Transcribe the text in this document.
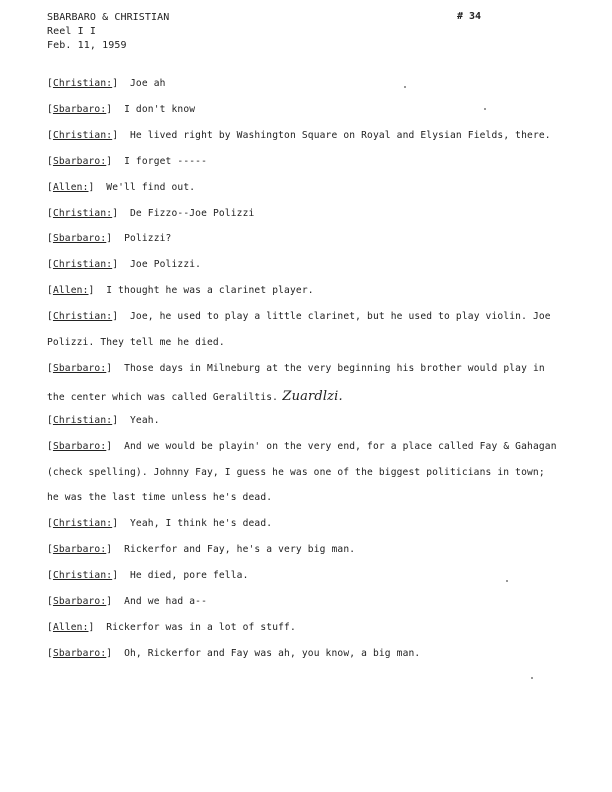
SBARBARO & CHRISTIAN
Reel I I
Feb. 11, 1959
# 34
[Christian:]  Joe ah
[Sbarbaro:]  I don't know
[Christian:]  He lived right by Washington Square on Royal and Elysian Fields, there.
[Sbarbaro:]  I forget -----
[Allen:]  We'll find out.
[Christian:]  De Fizzo--Joe Polizzi
[Sbarbaro:]  Polizzi?
[Christian:]  Joe Polizzi.
[Allen:]  I thought he was a clarinet player.
[Christian:]  Joe, he used to play a little clarinet, but he used to play violin. Joe
Polizzi. They tell me he died.
[Sbarbaro:]  Those days in Milneburg at the very beginning his brother would play in
the center which was called Geraliltis. Zuardlzi.
[Christian:]  Yeah.
[Sbarbaro:]  And we would be playin' on the very end, for a place called Fay & Gahagan
(check spelling). Johnny Fay, I guess he was one of the biggest politicians in town;
he was the last time unless he's dead.
[Christian:]  Yeah, I think he's dead.
[Sbarbaro:]  Rickerfor and Fay, he's a very big man.
[Christian:]  He died, pore fella.
[Sbarbaro:]  And we had a--
[Allen:]  Rickerfor was in a lot of stuff.
[Sbarbaro:]  Oh, Rickerfor and Fay was ah, you know, a big man.
